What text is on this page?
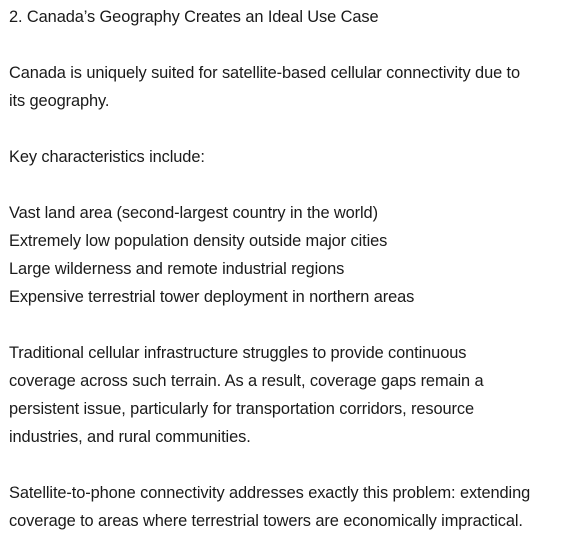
2. Canada’s Geography Creates an Ideal Use Case
Canada is uniquely suited for satellite-based cellular connectivity due to
its geography.
Key characteristics include:
Vast land area (second-largest country in the world)
Extremely low population density outside major cities
Large wilderness and remote industrial regions
Expensive terrestrial tower deployment in northern areas
Traditional cellular infrastructure struggles to provide continuous
coverage across such terrain. As a result, coverage gaps remain a
persistent issue, particularly for transportation corridors, resource
industries, and rural communities.
Satellite-to-phone connectivity addresses exactly this problem: extending
coverage to areas where terrestrial towers are economically impractical.
